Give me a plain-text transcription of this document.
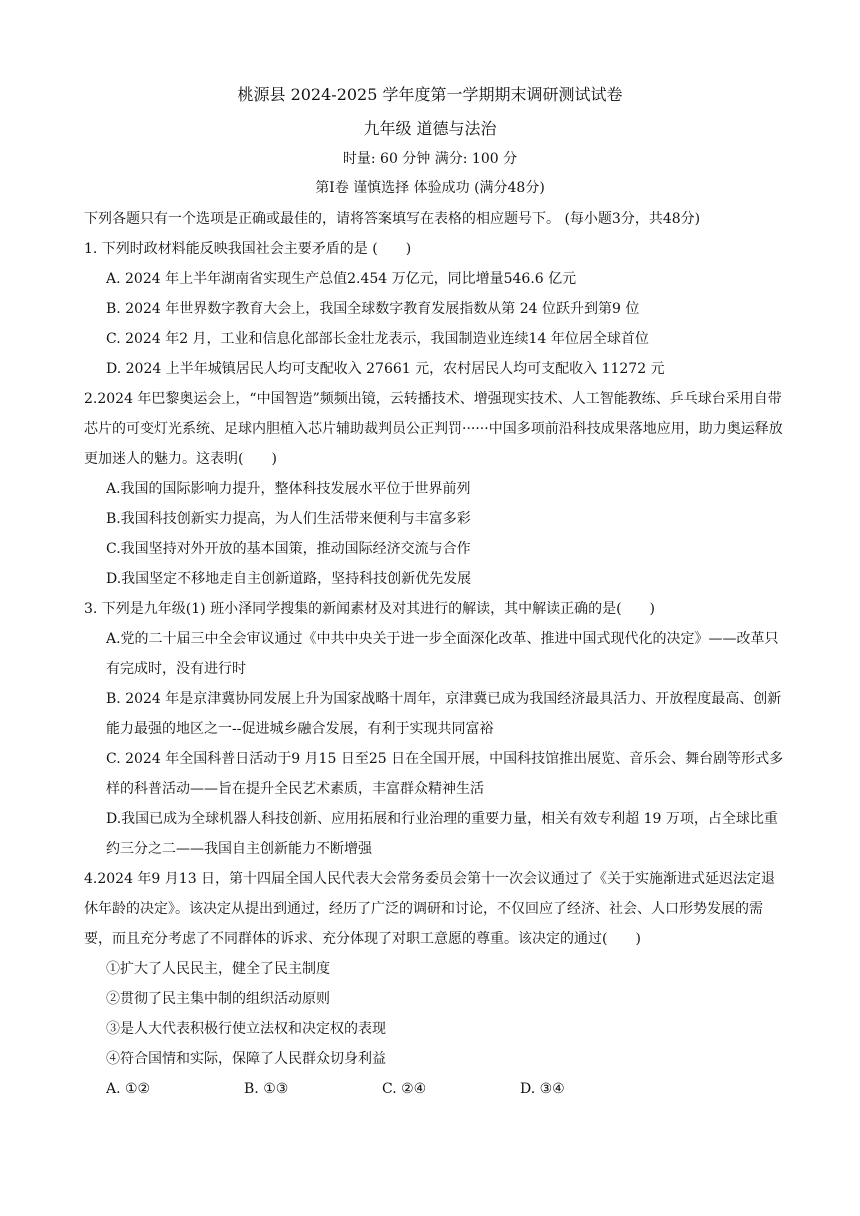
桃源县 2024-2025 学年度第一学期期末调研测试试卷
九年级 道德与法治
时量: 60 分钟 满分: 100 分
第Ⅰ卷 谨慎选择 体验成功 (满分48分)

下列各题只有一个选项是正确或最佳的，请将答案填写在表格的相应题号下。 (每小题3分，共48分)

1. 下列时政材料能反映我国社会主要矛盾的是 (　　)

A. 2024 年上半年湖南省实现生产总值2.454 万亿元，同比增量546.6 亿元

B. 2024 年世界数字教育大会上，我国全球数字教育发展指数从第 24 位跃升到第9 位

C. 2024 年2 月，工业和信息化部部长金壮龙表示，我国制造业连续14 年位居全球首位

D. 2024 上半年城镇居民人均可支配收入 27661 元，农村居民人均可支配收入 11272 元

2.2024 年巴黎奥运会上，“中国智造”频频出镜，云转播技术、增强现实技术、人工智能教练、乒乓球台采用自带芯片的可变灯光系统、足球内胆植入芯片辅助裁判员公正判罚······中国多项前沿科技成果落地应用，助力奥运释放更加迷人的魅力。这表明(　　)

A.我国的国际影响力提升，整体科技发展水平位于世界前列

B.我国科技创新实力提高，为人们生活带来便利与丰富多彩

C.我国坚持对外开放的基本国策，推动国际经济交流与合作

D.我国坚定不移地走自主创新道路，坚持科技创新优先发展

3. 下列是九年级(1) 班小泽同学搜集的新闻素材及对其进行的解读，其中解读正确的是(　　)

A.党的二十届三中全会审议通过《中共中央关于进一步全面深化改革、推进中国式现代化的决定》——改革只有完成时，没有进行时

B. 2024 年是京津冀协同发展上升为国家战略十周年，京津冀已成为我国经济最具活力、开放程度最高、创新能力最强的地区之一--促进城乡融合发展，有利于实现共同富裕

C. 2024 年全国科普日活动于9 月15 日至25 日在全国开展，中国科技馆推出展览、音乐会、舞台剧等形式多样的科普活动——旨在提升全民艺术素质，丰富群众精神生活

D.我国已成为全球机器人科技创新、应用拓展和行业治理的重要力量，相关有效专利超 19 万项，占全球比重约三分之二——我国自主创新能力不断增强

4.2024 年9 月13 日，第十四届全国人民代表大会常务委员会第十一次会议通过了《关于实施渐进式延迟法定退休年龄的决定》。该决定从提出到通过，经历了广泛的调研和讨论，不仅回应了经济、社会、人口形势发展的需要，而且充分考虑了不同群体的诉求、充分体现了对职工意愿的尊重。该决定的通过(　　)

①扩大了人民民主，健全了民主制度

②贯彻了民主集中制的组织活动原则

③是人大代表积极行使立法权和决定权的表现

④符合国情和实际，保障了人民群众切身利益

A. ①②	B. ①③	C. ②④	D. ③④
